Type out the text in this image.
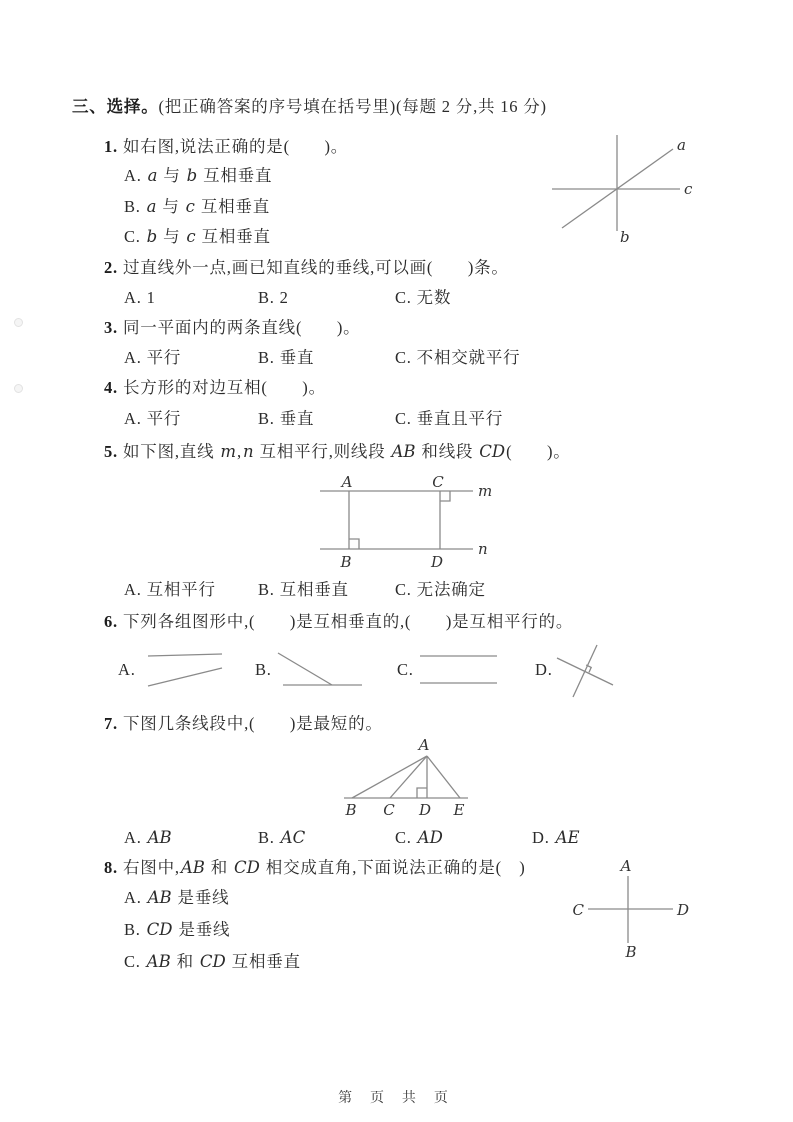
三、选择。(把正确答案的序号填在括号里)(每题 2 分,共 16 分)
1. 如右图,说法正确的是(　　)。
A. a 与 b 互相垂直
B. a 与 c 互相垂直
C. b 与 c 互相垂直
a
c
b
2. 过直线外一点,画已知直线的垂线,可以画(　　)条。
A. 1	B. 2	C. 无数
3. 同一平面内的两条直线(　　)。
A. 平行	B. 垂直	C. 不相交就平行
4. 长方形的对边互相(　　)。
A. 平行	B. 垂直	C. 垂直且平行
5. 如下图,直线 m,n 互相平行,则线段 AB 和线段 CD(　　)。
A	C
B	D
m
n
A. 互相平行	B. 互相垂直	C. 无法确定
6. 下列各组图形中,(　　)是互相垂直的,(　　)是互相平行的。
A.	B.	C.	D.
7. 下图几条线段中,(　　)是最短的。
A
B C D E
A. AB	B. AC	C. AD	D. AE
8. 右图中,AB 和 CD 相交成直角,下面说法正确的是(　)
A. AB 是垂线
B. CD 是垂线
C. AB 和 CD 互相垂直
A
B
C	D
第 页 共 页
